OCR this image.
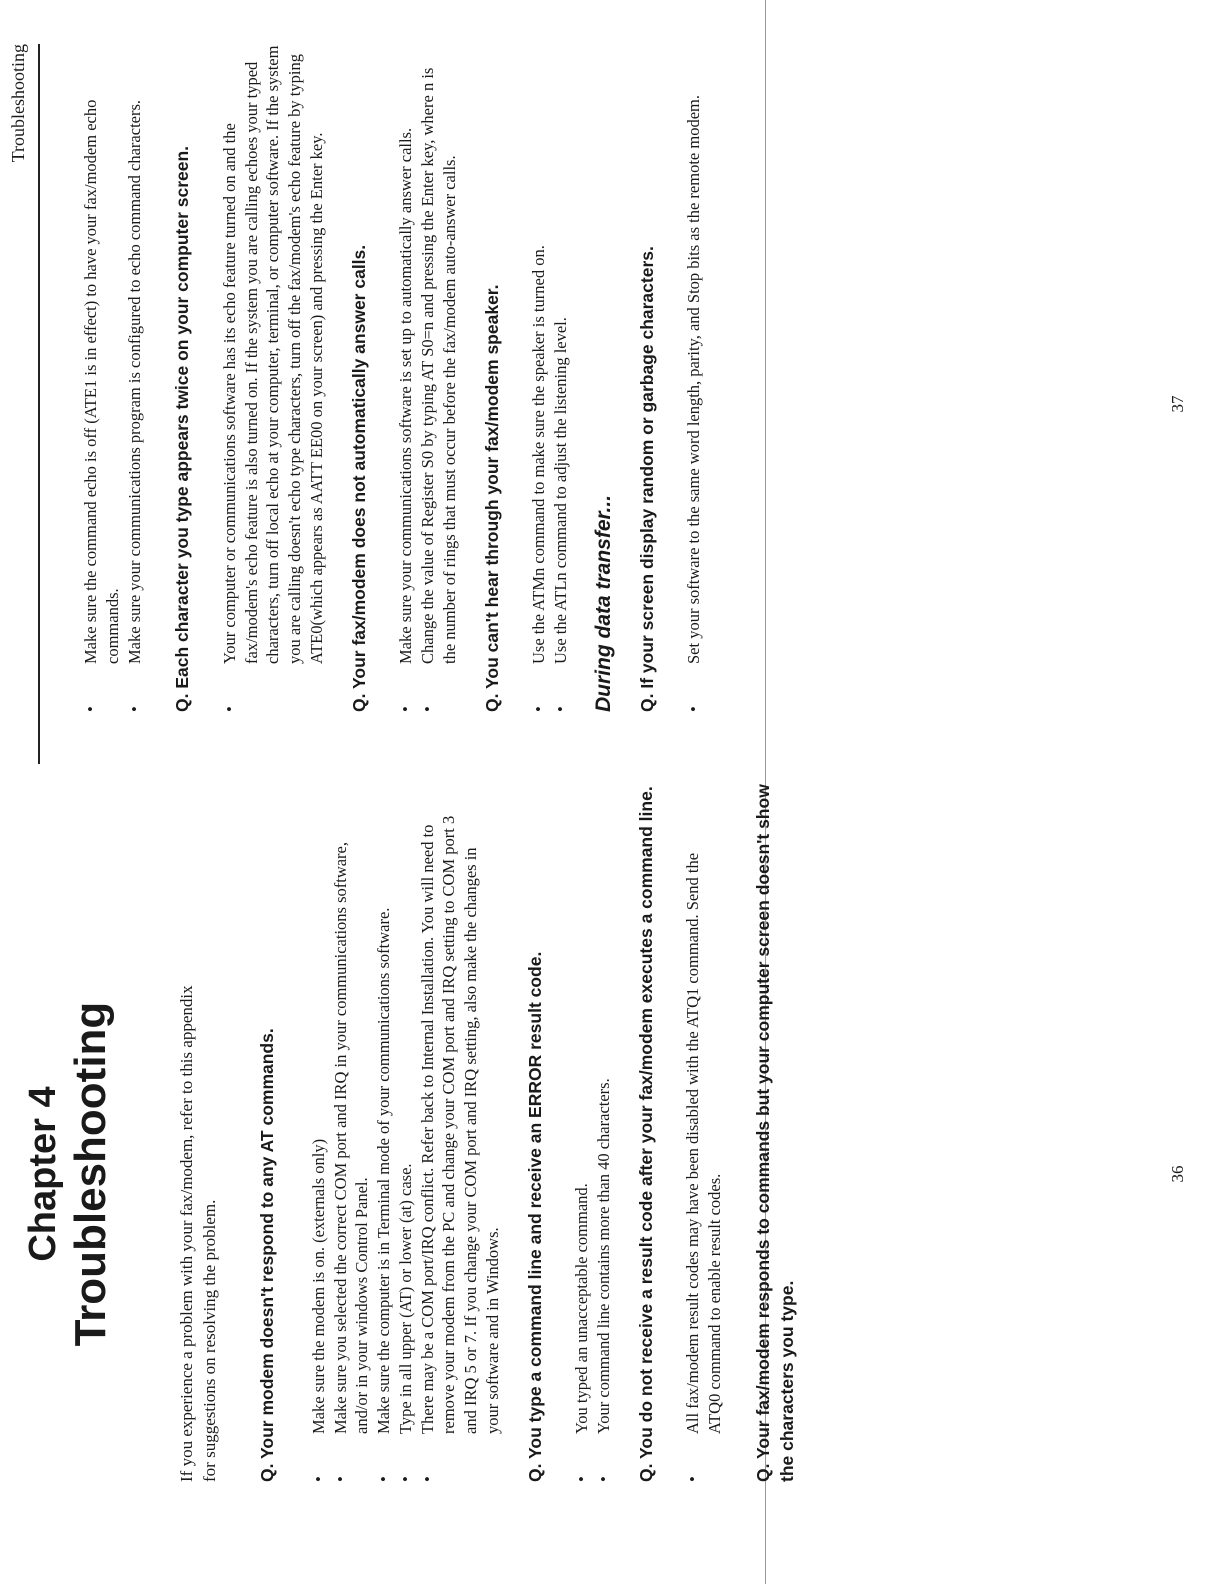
Chapter 4 Troubleshooting	If you experience a problem with your fax/modem, refer to this appendix for suggestions on resolving the problem. Q. Your modem doesn't respond to any AT commands. •
Make sure the modem is on. (externals only)
•
Make sure you selected the correct COM port and IRQ in your communications software, and/or in your windows Control Panel.
•
Make sure the computer is in Terminal mode of your communications software.
•
Type in all upper (AT) or lower (at) case.
•
There may be a COM port/IRQ conflict. Refer back to Internal Installation. You will need to remove your modem from the PC and change your COM port and IRQ setting to COM port 3 and IRQ 5 or 7. If you change your COM port and IRQ setting, also make the changes in your software and in Windows. Q. You type a command line and receive an ERROR result code. •
You typed an unacceptable command.
•
Your command line contains more than 40 characters. Q. You do not receive a result code after your fax/modem executes a command line. •
All fax/modem result codes may have been disabled with the ATQ1 command. Send the ATQ0 command to enable result codes. Q. Your fax/modem responds to commands but your computer screen doesn't show the characters you type.
36
Troubleshooting
•
Make sure the command echo is off (ATE1 is in effect) to have your fax/modem echo commands.
•
Make sure your communications program is configured to echo command characters. Q. Each character you type appears twice on your computer screen. •
Your computer or communications software has its echo feature turned on and the fax/modem's echo feature is also turned on. If the system you are calling echoes your typed characters, turn off local echo at your computer, terminal, or computer software. If the system you are calling doesn't echo type characters, turn off the fax/modem's echo feature by typing ATE0(which appears as AATT EE00 on your screen) and pressing the Enter key. Q. Your fax/modem does not automatically answer calls. •
Make sure your communications software is set up to automatically answer calls.
•
Change the value of Register S0 by typing AT S0=n and pressing the Enter key, where n is the number of rings that must occur before the fax/modem auto-answer calls. Q. You can't hear through your fax/modem speaker. •
Use the ATMn command to make sure the speaker is turned on.
•
Use the ATLn command to adjust the listening level. During data transfer... Q. If your screen display random or garbage characters. •
Set your software to the same word length, parity, and Stop bits as the remote modem.	37
